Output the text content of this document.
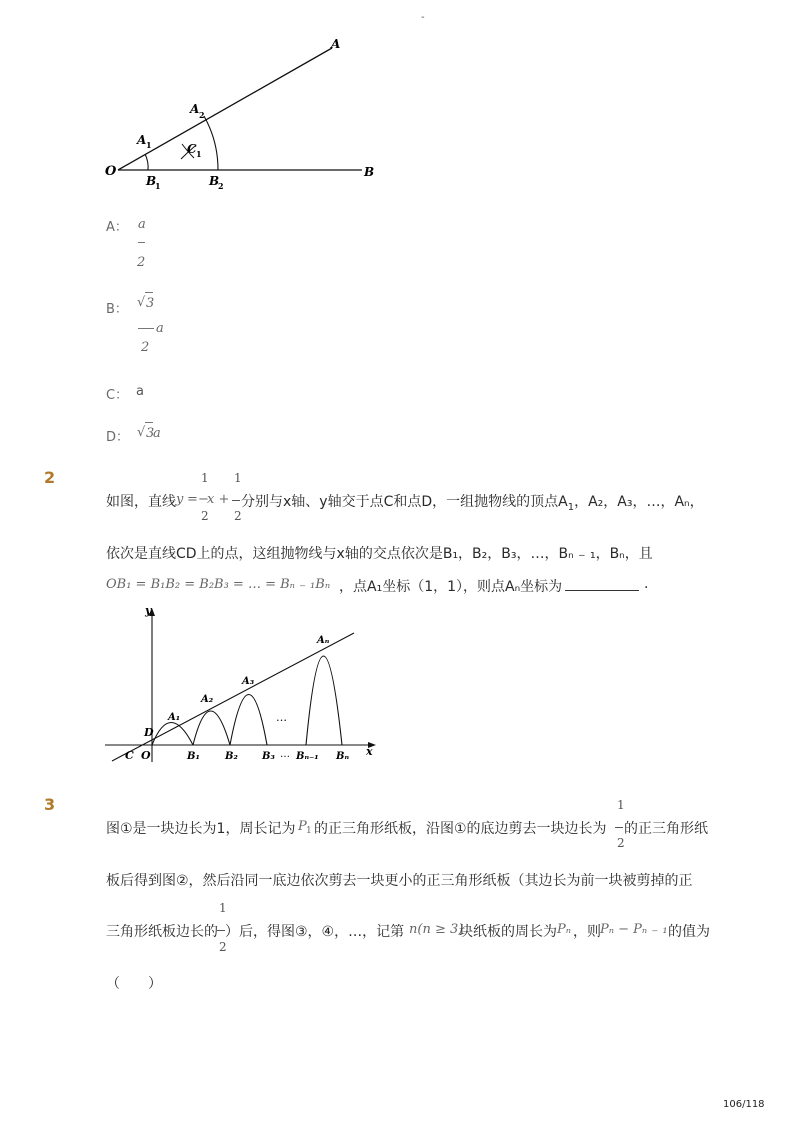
-
O
A
B
A 1
A 2
C 1
B
1	B
2
A： a
2
B： √ 3
a
2
C： a
D： √ 3
a
2
如图，直线 y =
1
−
2
x +
1
2
分别与x轴、y轴交于点C和点D，一组抛物线的顶点$A_1$，A₂，A₃，…，Aₙ，
依次是直线CD上的点，这组抛物线与x轴的交点依次是B₁，B₂，B₃，…，Bₙ ₋ ₁，Bₙ，且
OB₁ = B₁B₂ = B₂B₃ = … = Bₙ ₋ ₁Bₙ ，点A₁坐标（1，1），则点Aₙ坐标为	.
y
x
D
C O
A₁
A₂
A₃
Aₙ
…
B₁	B₂ B₃ … Bₙ₋₁ Bₙ
3
图①是一块边长为1，周长记为 P 1 的正三角形纸板，沿图①的底边剪去一块边长为
1
2
的正三角形纸
板后得到图②，然后沿同一底边依次剪去一块更小的正三角形纸板（其边长为前一块被剪掉的正
三角形纸板边长的
1
2
）后，得图③，④，…，记第 n(n ≥ 3)
块纸板的周长为 Pₙ ，则 Pₙ − Pₙ ₋ ₁ 的值为
（　　）
106/118
